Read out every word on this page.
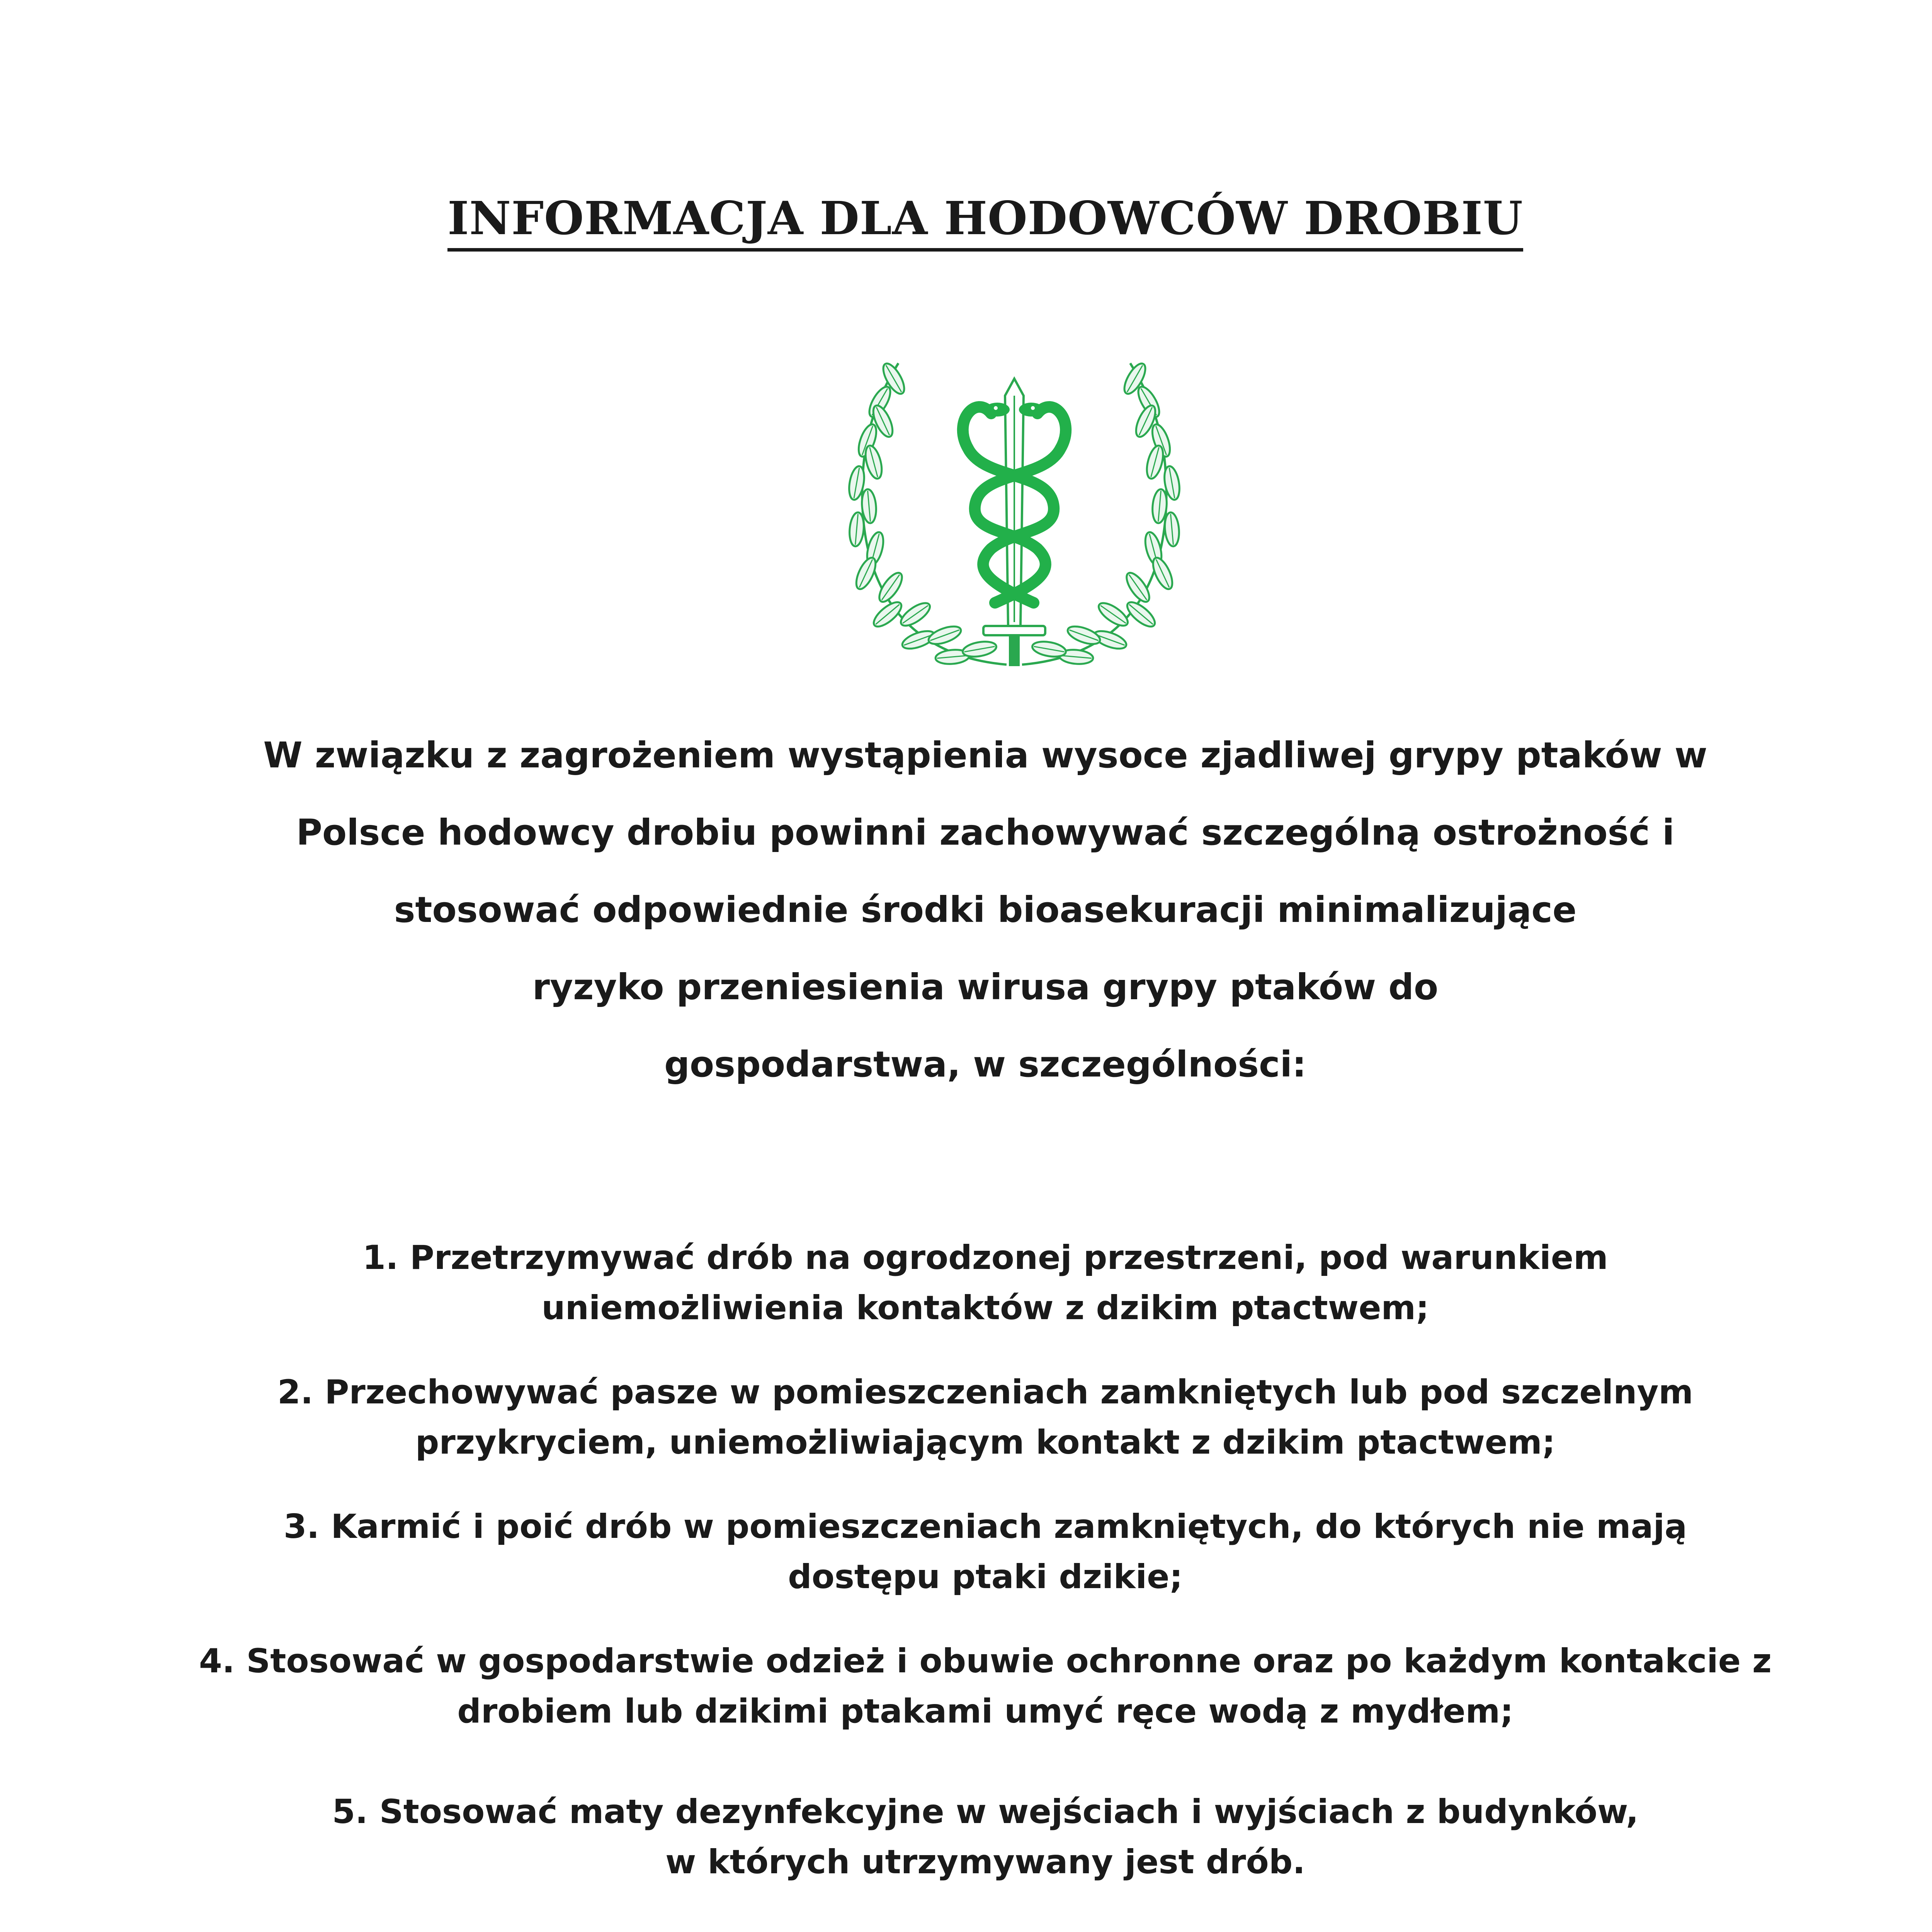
INFORMACJA DLA HODOWCÓW DROBIU

W związku z zagrożeniem wystąpienia wysoce zjadliwej grypy ptaków w
Polsce hodowcy drobiu powinni zachowywać szczególną ostrożność i
stosować odpowiednie środki bioasekuracji minimalizujące
ryzyko przeniesienia wirusa grypy ptaków do
gospodarstwa, w szczególności:

1. Przetrzymywać drób na ogrodzonej przestrzeni, pod warunkiem
uniemożliwienia kontaktów z dzikim ptactwem;
2. Przechowywać pasze w pomieszczeniach zamkniętych lub pod szczelnym
przykryciem, uniemożliwiającym kontakt z dzikim ptactwem;
3. Karmić i poić drób w pomieszczeniach zamkniętych, do których nie mają
dostępu ptaki dzikie;
4. Stosować w gospodarstwie odzież i obuwie ochronne oraz po każdym kontakcie z
drobiem lub dzikimi ptakami umyć ręce wodą z mydłem;
5. Stosować maty dezynfekcyjne w wejściach i wyjściach z budynków,
w których utrzymywany jest drób.
